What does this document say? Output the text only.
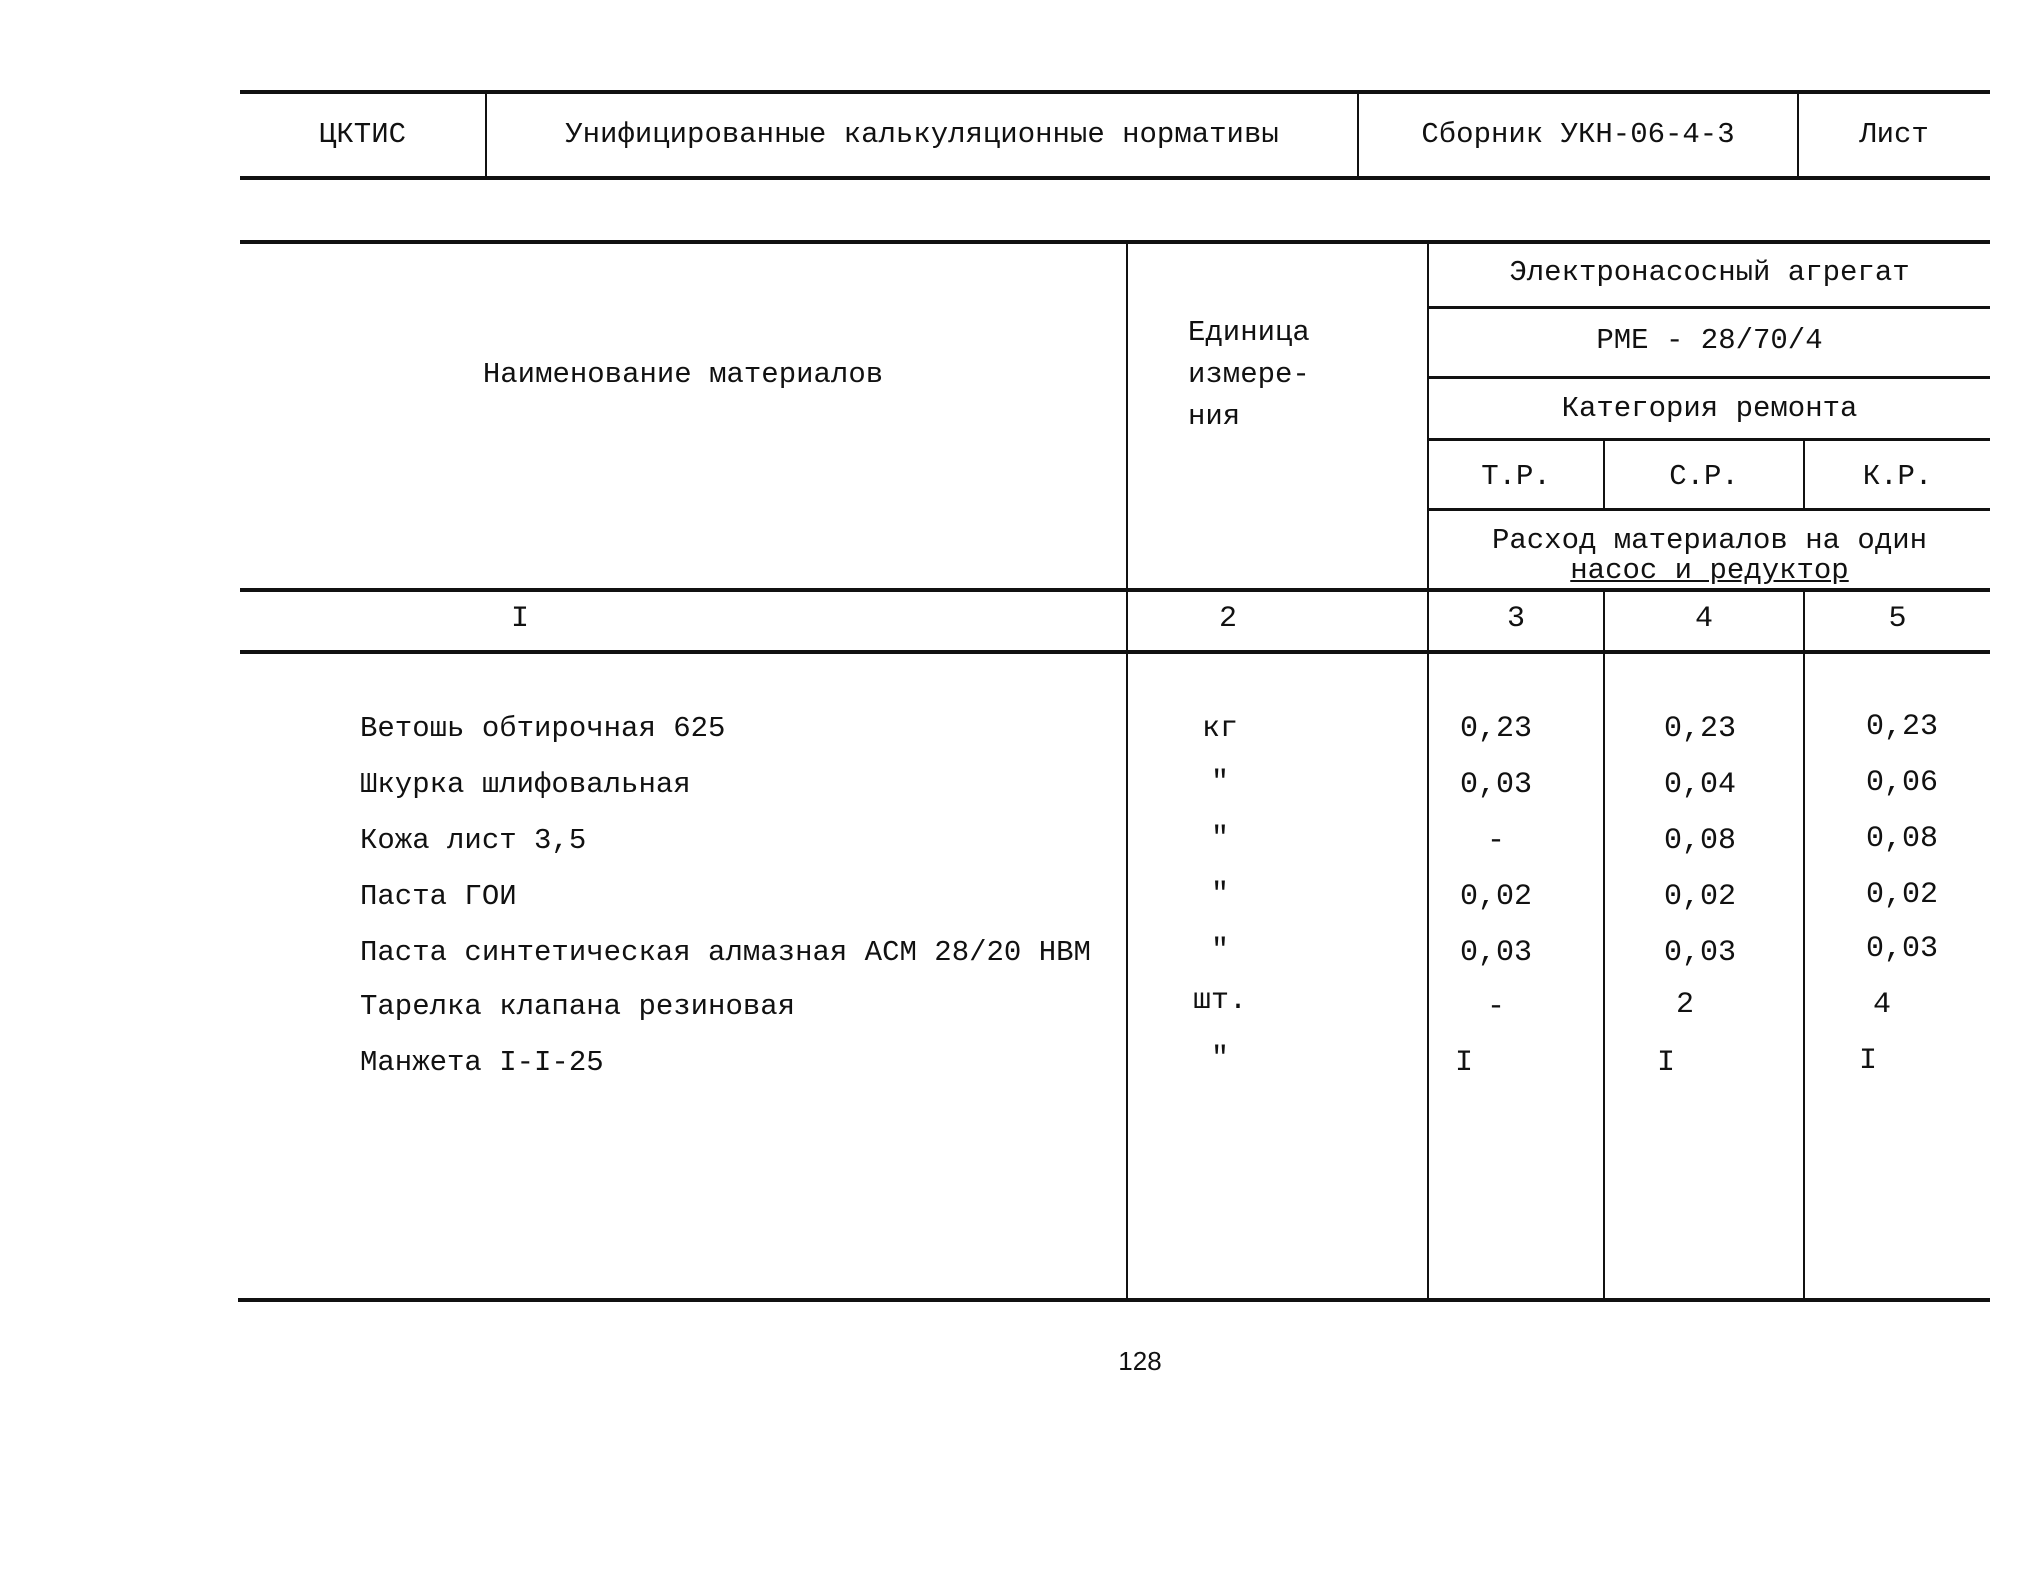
ЦКТИС	Унифицированные калькуляционные нормативы	Сборник УКН-06-4-3	Лист
Наименование материалов
Единица
измере-
ния
Электронасосный агрегат
РМЕ - 28/70/4
Категория ремонта
Т.Р.	С.Р.	К.Р.
Расход материалов на один
насос и редуктор
I	2	3	4	5
Ветошь обтирочная 625	кг	0,23	0,23	0,23
Шкурка шлифовальная	"	0,03	0,04	0,06
Кожа лист 3,5	"	-	0,08	0,08
Паста ГОИ	"	0,02	0,02	0,02
Паста синтетическая алмазная АСМ 28/20 НВМ	"	0,03	0,03	0,03
Тарелка клапана резиновая	шт.	-	2	4
Манжета I-I-25	"	I	I	I
128
